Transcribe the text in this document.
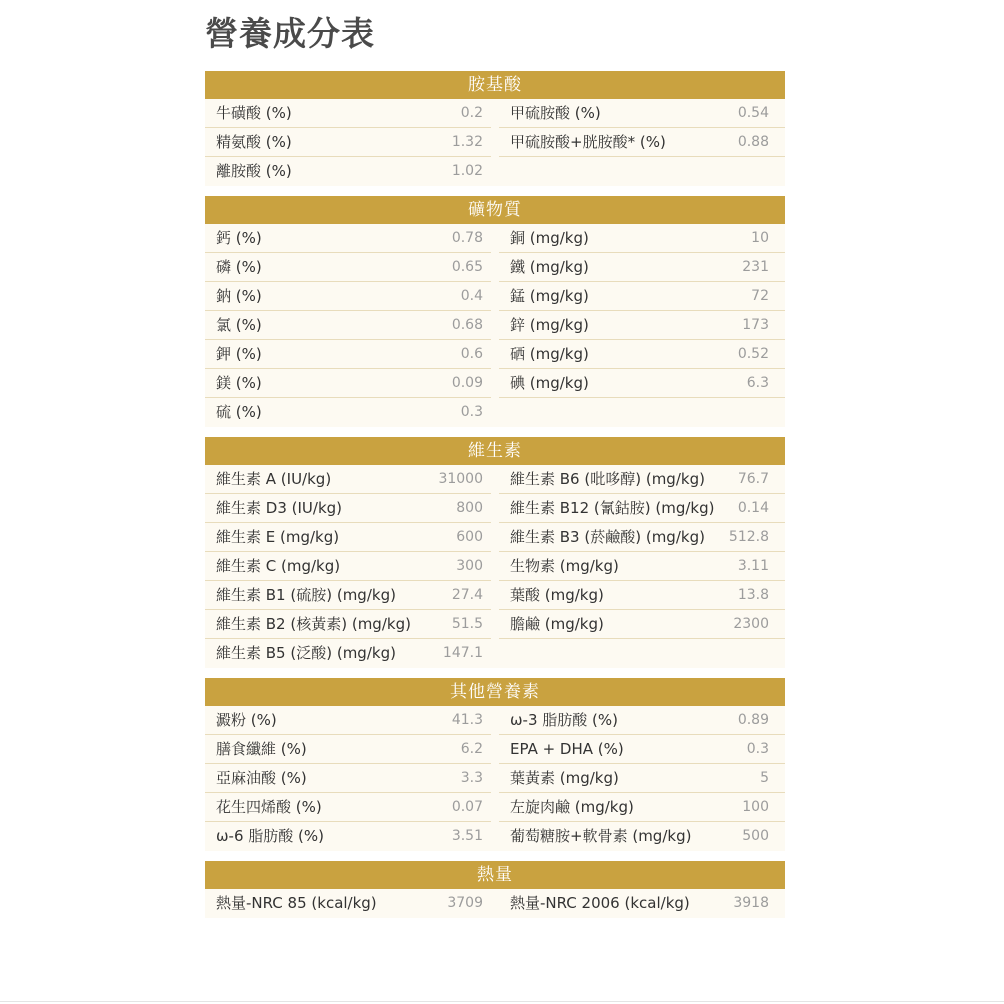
營養成分表
胺基酸
牛磺酸 (%)	0.2	甲硫胺酸 (%)	0.54
精氨酸 (%)	1.32	甲硫胺酸+胱胺酸* (%)	0.88
離胺酸 (%)	1.02
礦物質
鈣 (%)	0.78	銅 (mg/kg)	10
磷 (%)	0.65	鐵 (mg/kg)	231
鈉 (%)	0.4	錳 (mg/kg)	72
氯 (%)	0.68	鋅 (mg/kg)	173
鉀 (%)	0.6	硒 (mg/kg)	0.52
鎂 (%)	0.09	碘 (mg/kg)	6.3
硫 (%)	0.3
維生素
維生素 A (IU/kg)	31000	維生素 B6 (吡哆醇) (mg/kg)	76.7
維生素 D3 (IU/kg)	800	維生素 B12 (氰鈷胺) (mg/kg)	0.14
維生素 E (mg/kg)	600	維生素 B3 (菸鹼酸) (mg/kg)	512.8
維生素 C (mg/kg)	300	生物素 (mg/kg)	3.11
維生素 B1 (硫胺) (mg/kg)	27.4	葉酸 (mg/kg)	13.8
維生素 B2 (核黃素) (mg/kg)	51.5	膽鹼 (mg/kg)	2300
維生素 B5 (泛酸) (mg/kg)	147.1
其他營養素
澱粉 (%)	41.3	ω-3 脂肪酸 (%)	0.89
膳食纖維 (%)	6.2	EPA + DHA (%)	0.3
亞麻油酸 (%)	3.3	葉黃素 (mg/kg)	5
花生四烯酸 (%)	0.07	左旋肉鹼 (mg/kg)	100
ω-6 脂肪酸 (%)	3.51	葡萄糖胺+軟骨素 (mg/kg)	500
熱量
熱量-NRC 85 (kcal/kg)	3709	熱量-NRC 2006 (kcal/kg)	3918
